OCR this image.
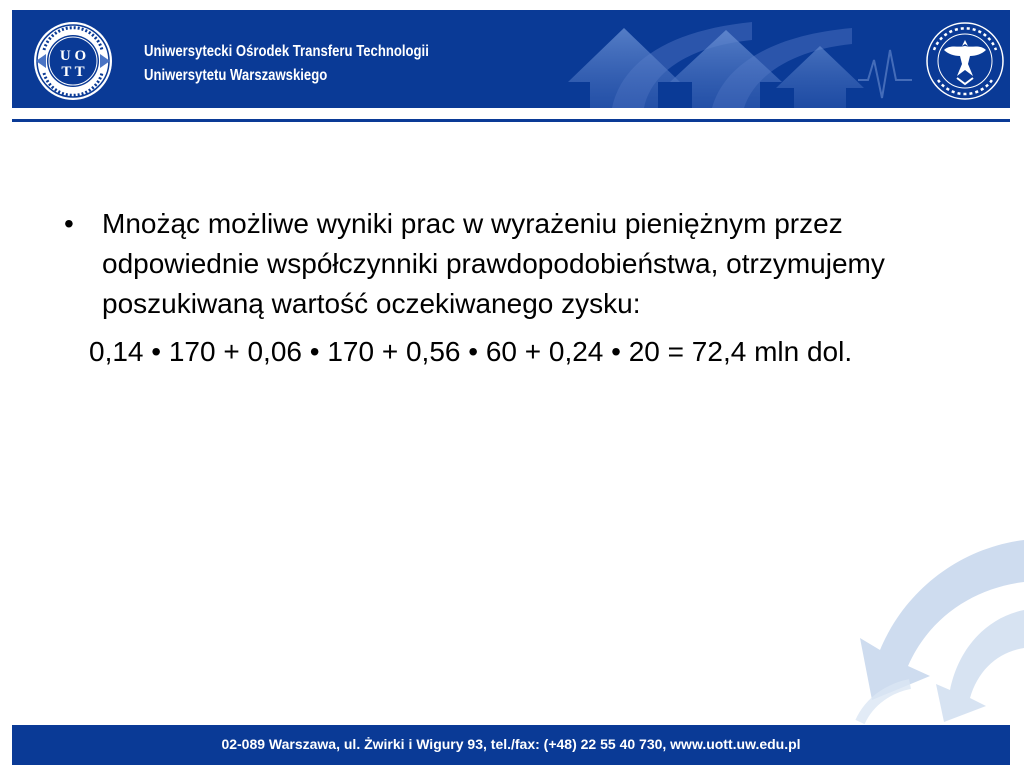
U O
T T
Uniwersytecki Ośrodek Transferu Technologii
Uniwersytetu Warszawskiego
• Mnożąc możliwe wyniki prac w wyrażeniu pieniężnym przez odpowiednie współczynniki prawdopodobieństwa, otrzymujemy poszukiwaną wartość oczekiwanego zysku:
0,14 • 170 + 0,06 • 170 + 0,56 • 60 + 0,24 • 20 = 72,4 mln dol.
02-089 Warszawa, ul. Żwirki i Wigury 93, tel./fax: (+48) 22 55 40 730, www.uott.uw.edu.pl
